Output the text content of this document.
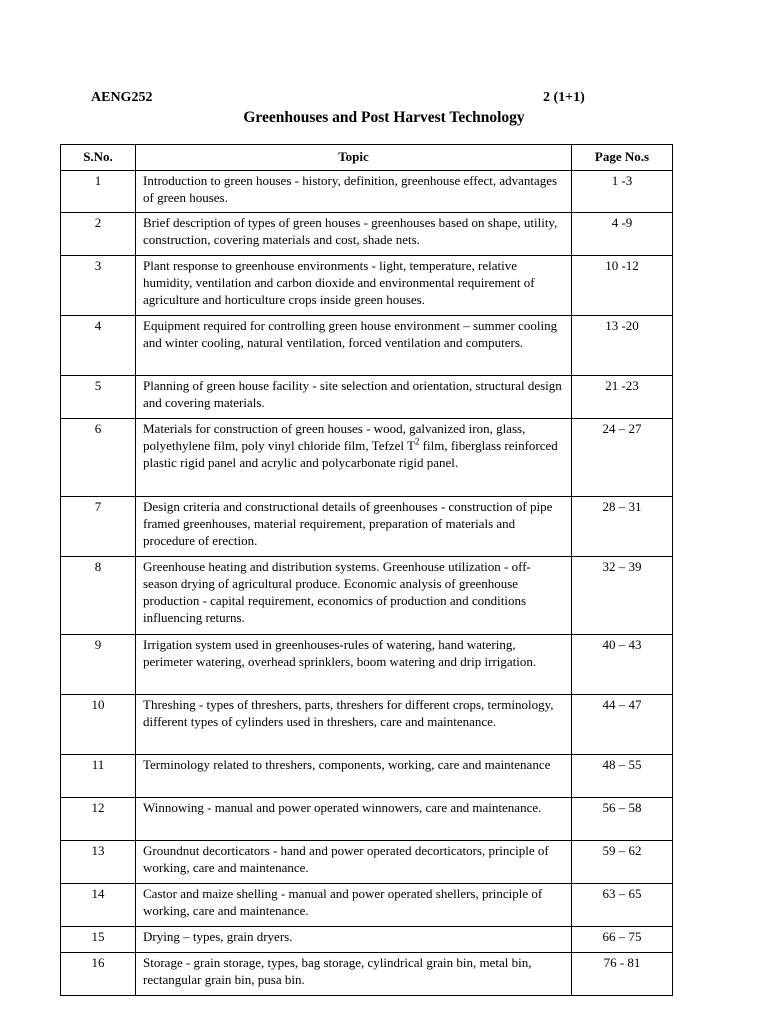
AENG252	2 (1+1)
Greenhouses and Post Harvest Technology
S.No.	Topic	Page No.s
1	Introduction to green houses - history, definition, greenhouse effect, advantages of green houses.	1 -3
2	Brief description of types of green houses - greenhouses based on shape, utility, construction, covering materials and cost, shade nets.	4 -9
3	Plant response to greenhouse environments - light, temperature, relative humidity, ventilation and carbon dioxide and environmental requirement of agriculture and horticulture crops inside green houses.	10 -12
4	Equipment required for controlling green house environment – summer cooling and winter cooling, natural ventilation, forced ventilation and computers.	13 -20
5	Planning of green house facility - site selection and orientation, structural design and covering materials.	21 -23
6	Materials for construction of green houses - wood, galvanized iron, glass, polyethylene film, poly vinyl chloride film, Tefzel $T^2$ film, fiberglass reinforced plastic rigid panel and acrylic and polycarbonate rigid panel.	24 – 27
7	Design criteria and constructional details of greenhouses - construction of pipe framed greenhouses, material requirement, preparation of materials and procedure of erection.	28 – 31
8	Greenhouse heating and distribution systems. Greenhouse utilization - off-season drying of agricultural produce. Economic analysis of greenhouse production - capital requirement, economics of production and conditions influencing returns.	32 – 39
9	Irrigation system used in greenhouses-rules of watering, hand watering, perimeter watering, overhead sprinklers, boom watering and drip irrigation.	40 – 43
10	Threshing - types of threshers, parts, threshers for different crops, terminology, different types of cylinders used in threshers, care and maintenance.	44 – 47
11	Terminology related to threshers, components, working, care and maintenance	48 – 55
12	Winnowing - manual and power operated winnowers, care and maintenance.	56 – 58
13	Groundnut decorticators - hand and power operated decorticators, principle of working, care and maintenance.	59 – 62
14	Castor and maize shelling - manual and power operated shellers, principle of working, care and maintenance.	63 – 65
15	Drying – types, grain dryers.	66 – 75
16	Storage - grain storage, types, bag storage, cylindrical grain bin, metal bin, rectangular grain bin, pusa bin.	76 - 81
